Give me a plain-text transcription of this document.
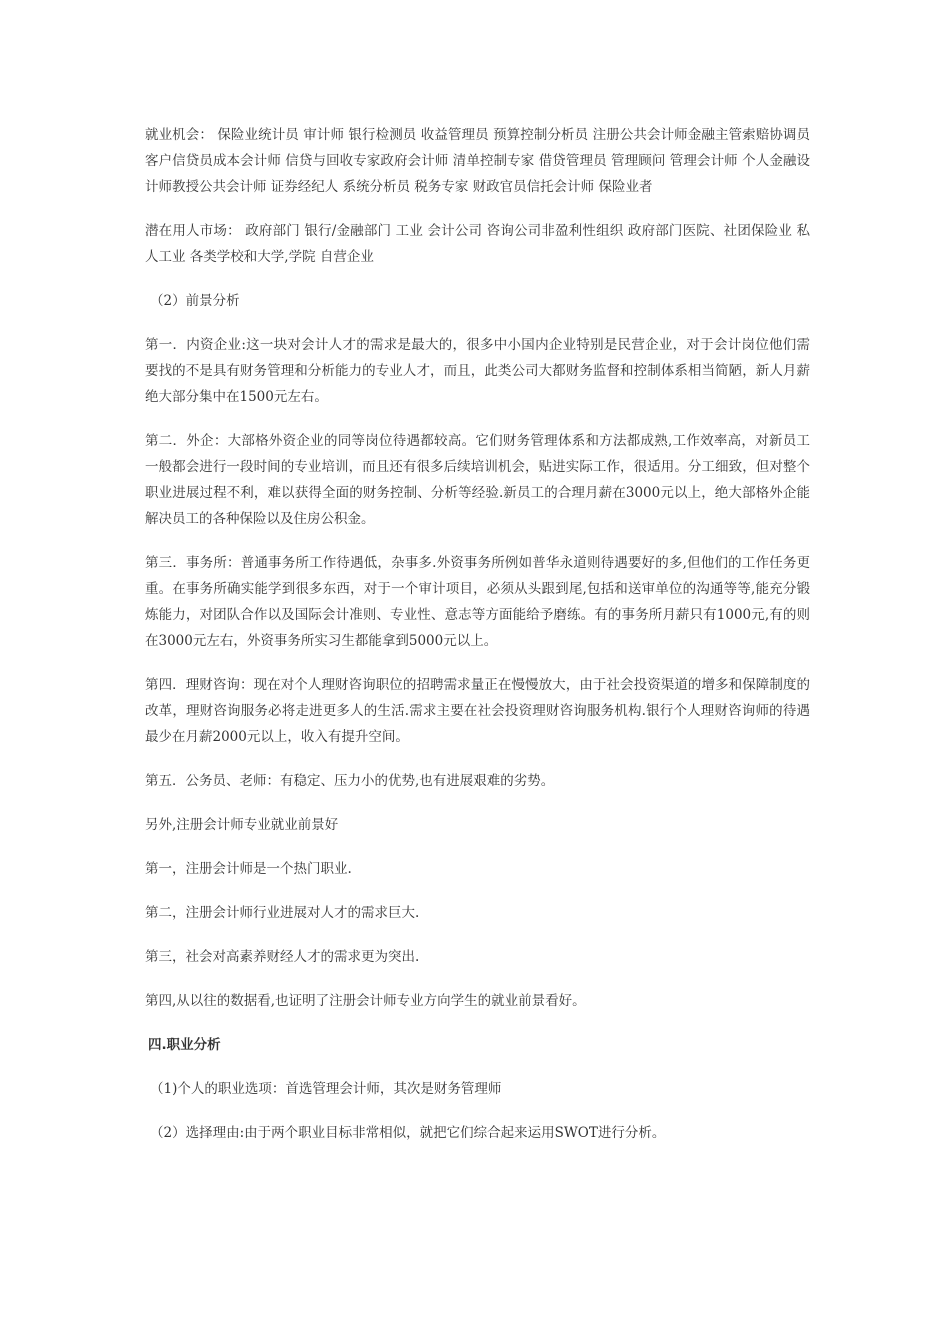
就业机会： 保险业统计员 审计师 银行检测员 收益管理员 预算控制分析员 注册公共会计师金融主管索赔协调员 客户信贷员成本会计师 信贷与回收专家政府会计师 清单控制专家 借贷管理员 管理顾问 管理会计师 个人金融设计师教授公共会计师 证券经纪人 系统分析员 税务专家 财政官员信托会计师 保险业者

潜在用人市场： 政府部门 银行/金融部门 工业 会计公司 咨询公司非盈利性组织 政府部门医院、社团保险业 私人工业 各类学校和大学,学院 自营企业

（2）前景分析

第一．内资企业:这一块对会计人才的需求是最大的，很多中小国内企业特别是民营企业，对于会计岗位他们需要找的不是具有财务管理和分析能力的专业人才，而且，此类公司大都财务监督和控制体系相当简陋，新人月薪绝大部分集中在1500元左右。

第二．外企：大部格外资企业的同等岗位待遇都较高。它们财务管理体系和方法都成熟,工作效率高，对新员工一般都会进行一段时间的专业培训，而且还有很多后续培训机会，贴进实际工作，很适用。分工细致，但对整个职业进展过程不利，难以获得全面的财务控制、分析等经验.新员工的合理月薪在3000元以上，绝大部格外企能解决员工的各种保险以及住房公积金。

第三．事务所：普通事务所工作待遇低，杂事多.外资事务所例如普华永道则待遇要好的多,但他们的工作任务更重。在事务所确实能学到很多东西，对于一个审计项目，必须从头跟到尾,包括和送审单位的沟通等等,能充分锻炼能力，对团队合作以及国际会计准则、专业性、意志等方面能给予磨练。有的事务所月薪只有1000元,有的则在3000元左右，外资事务所实习生都能拿到5000元以上。

第四．理财咨询：现在对个人理财咨询职位的招聘需求量正在慢慢放大，由于社会投资渠道的增多和保障制度的改革，理财咨询服务必将走进更多人的生活.需求主要在社会投资理财咨询服务机构.银行个人理财咨询师的待遇最少在月薪2000元以上，收入有提升空间。

第五．公务员、老师：有稳定、压力小的优势,也有进展艰难的劣势。

另外,注册会计师专业就业前景好

第一，注册会计师是一个热门职业.

第二，注册会计师行业进展对人才的需求巨大.

第三，社会对高素养财经人才的需求更为突出.

第四,从以往的数据看,也证明了注册会计师专业方向学生的就业前景看好。

四.职业分析

（1)个人的职业选项：首选管理会计师，其次是财务管理师

（2）选择理由:由于两个职业目标非常相似，就把它们综合起来运用SWOT进行分析。
